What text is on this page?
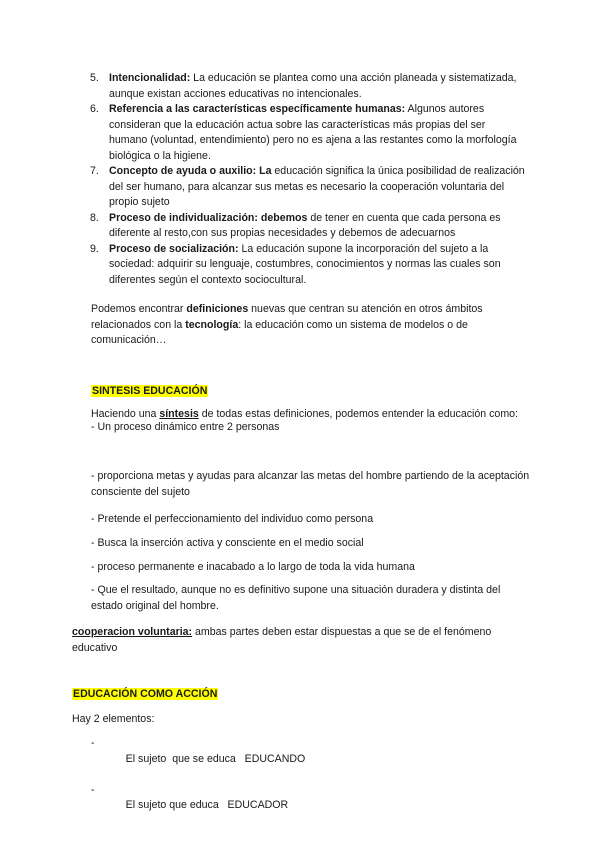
5. Intencionalidad: La educación se plantea como una acción planeada y sistematizada, aunque existan acciones educativas no intencionales.
6. Referencia a las características específicamente humanas: Algunos autores consideran que la educación actua sobre las características más propias del ser humano (voluntad, entendimiento) pero no es ajena a las restantes como la morfología biológica o la higiene.
7. Concepto de ayuda o auxilio: La educación significa la única posibilidad de realización del ser humano, para alcanzar sus metas es necesario la cooperación voluntaria del propio sujeto
8. Proceso de individualización: debemos de tener en cuenta que cada persona es diferente al resto,con sus propias necesidades y debemos de adecuarnos
9. Proceso de socialización: La educación supone la incorporación del sujeto a la sociedad: adquirir su lenguaje, costumbres, conocimientos y normas las cuales son diferentes según el contexto sociocultural.

Podemos encontrar definiciones nuevas que centran su atención en otros ámbitos relacionados con la tecnología: la educación como un sistema de modelos o de comunicación…

SINTESIS EDUCACIÓN

Haciendo una síntesis de todas estas definiciones, podemos entender la educación como:

- Un proceso dinámico entre 2 personas

- proporciona metas y ayudas para alcanzar las metas del hombre partiendo de la aceptación consciente del sujeto

- Pretende el perfeccionamiento del individuo como persona

- Busca la inserción activa y consciente en el medio social

- proceso permanente e inacabado a lo largo de toda la vida humana

- Que el resultado, aunque no es definitivo supone una situación duradera y distinta del estado original del hombre.

cooperacion voluntaria: ambas partes deben estar dispuestas a que se de el fenómeno educativo

EDUCACIÓN COMO ACCIÓN

Hay 2 elementos:

-
El sujeto  que se educa   EDUCANDO

-
El sujeto que educa   EDUCADOR
